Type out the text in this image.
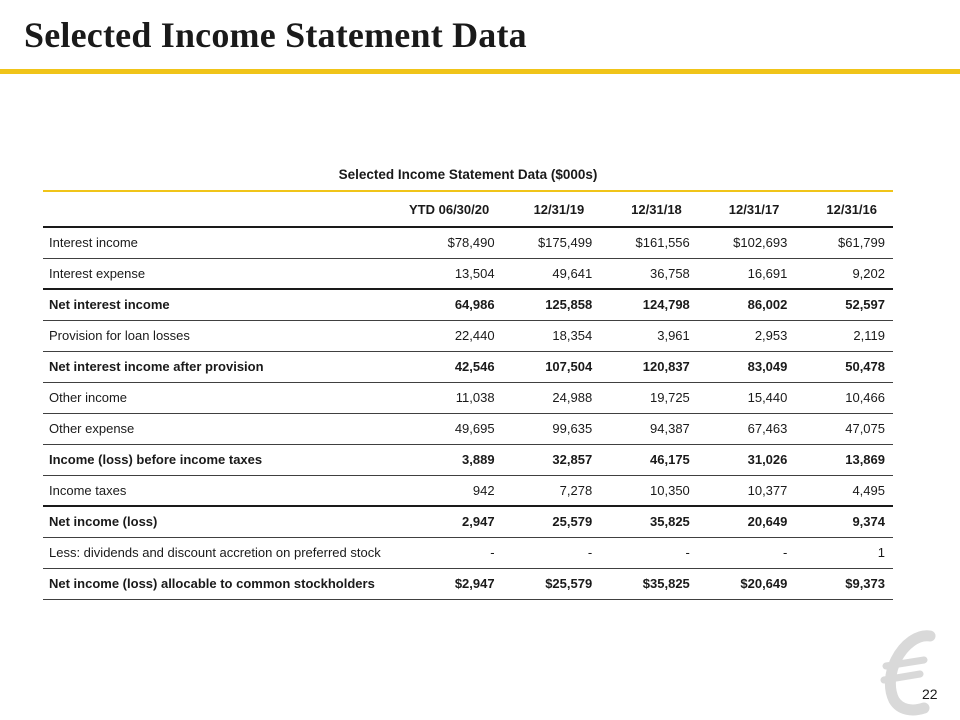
Selected Income Statement Data
Selected Income Statement Data ($000s)
	YTD 06/30/20	12/31/19	12/31/18	12/31/17	12/31/16
Interest income	$78,490	$175,499	$161,556	$102,693	$61,799
Interest expense	13,504	49,641	36,758	16,691	9,202
Net interest income	64,986	125,858	124,798	86,002	52,597
Provision for loan losses	22,440	18,354	3,961	2,953	2,119
Net interest income after provision	42,546	107,504	120,837	83,049	50,478
Other income	11,038	24,988	19,725	15,440	10,466
Other expense	49,695	99,635	94,387	67,463	47,075
Income (loss) before income taxes	3,889	32,857	46,175	31,026	13,869
Income taxes	942	7,278	10,350	10,377	4,495
Net income (loss)	2,947	25,579	35,825	20,649	9,374
Less: dividends and discount accretion on preferred stock	-	-	-	-	1
Net income (loss) allocable to common stockholders	$2,947	$25,579	$35,825	$20,649	$9,373
22
